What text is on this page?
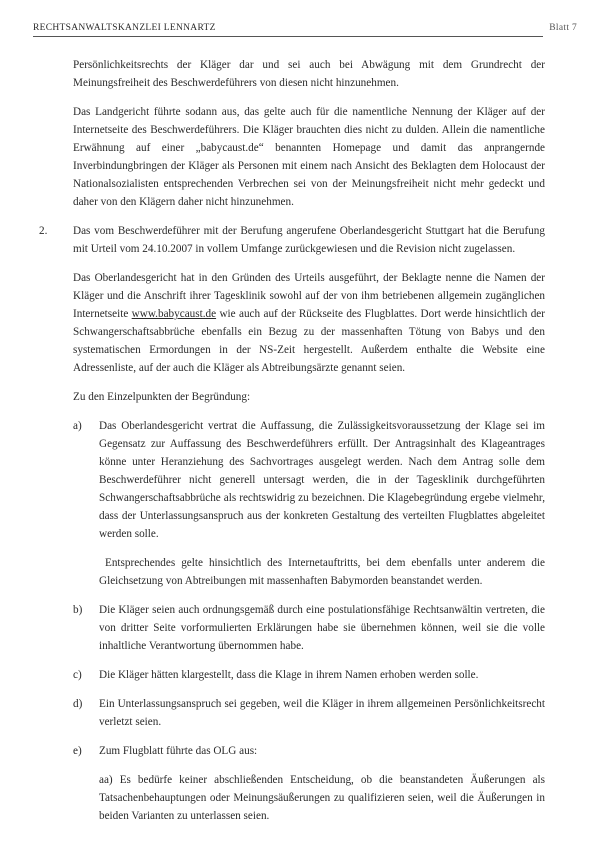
RECHTSANWALTSKANZLEI LENNARTZ	Blatt 7

Persönlichkeitsrechts der Kläger dar und sei auch bei Abwägung mit dem Grundrecht der Meinungsfreiheit des Beschwerdeführers von diesen nicht hinzunehmen.

Das Landgericht führte sodann aus, das gelte auch für die namentliche Nennung der Kläger auf der Internetseite des Beschwerdeführers. Die Kläger brauchten dies nicht zu dulden. Allein die namentliche Erwähnung auf einer „babycaust.de“ benannten Homepage und damit das anprangernde Inverbindungbringen der Kläger als Personen mit einem nach Ansicht des Beklagten dem Holocaust der Nationalsozialisten entsprechenden Verbrechen sei von der Meinungsfreiheit nicht mehr gedeckt und daher von den Klägern daher nicht hinzunehmen.

2. Das vom Beschwerdeführer mit der Berufung angerufene Oberlandesgericht Stuttgart hat die Berufung mit Urteil vom 24.10.2007 in vollem Umfange zurückgewiesen und die Revision nicht zugelassen.

Das Oberlandesgericht hat in den Gründen des Urteils ausgeführt, der Beklagte nenne die Namen der Kläger und die Anschrift ihrer Tagesklinik sowohl auf der von ihm betriebenen allgemein zugänglichen Internetseite www.babycaust.de wie auch auf der Rückseite des Flugblattes. Dort werde hinsichtlich der Schwangerschaftsabbrüche ebenfalls ein Bezug zu der massenhaften Tötung von Babys und den systematischen Ermordungen in der NS-Zeit hergestellt. Außerdem enthalte die Website eine Adressenliste, auf der auch die Kläger als Abtreibungsärzte genannt seien.

Zu den Einzelpunkten der Begründung:

a) Das Oberlandesgericht vertrat die Auffassung, die Zulässigkeitsvoraussetzung der Klage sei im Gegensatz zur Auffassung des Beschwerdeführers erfüllt. Der Antragsinhalt des Klageantrages könne unter Heranziehung des Sachvortrages ausgelegt werden. Nach dem Antrag solle dem Beschwerdeführer nicht generell untersagt werden, die in der Tagesklinik durchgeführten Schwangerschaftsabbrüche als rechtswidrig zu bezeichnen. Die Klagebegründung ergebe vielmehr, dass der Unterlassungsanspruch aus der konkreten Gestaltung des verteilten Flugblattes abgeleitet werden solle.

Entsprechendes gelte hinsichtlich des Internetauftritts, bei dem ebenfalls unter anderem die Gleichsetzung von Abtreibungen mit massenhaften Babymorden beanstandet werden.

b) Die Kläger seien auch ordnungsgemäß durch eine postulationsfähige Rechtsanwältin vertreten, die von dritter Seite vorformulierten Erklärungen habe sie übernehmen können, weil sie die volle inhaltliche Verantwortung übernommen habe.
c) Die Kläger hätten klargestellt, dass die Klage in ihrem Namen erhoben werden solle.
d) Ein Unterlassungsanspruch sei gegeben, weil die Kläger in ihrem allgemeinen Persönlichkeitsrecht verletzt seien.
e) Zum Flugblatt führte das OLG aus:

aa) Es bedürfe keiner abschließenden Entscheidung, ob die beanstandeten Äußerungen als Tatsachenbehauptungen oder Meinungsäußerungen zu qualifizieren seien, weil die Äußerungen in beiden Varianten zu unterlassen seien.
